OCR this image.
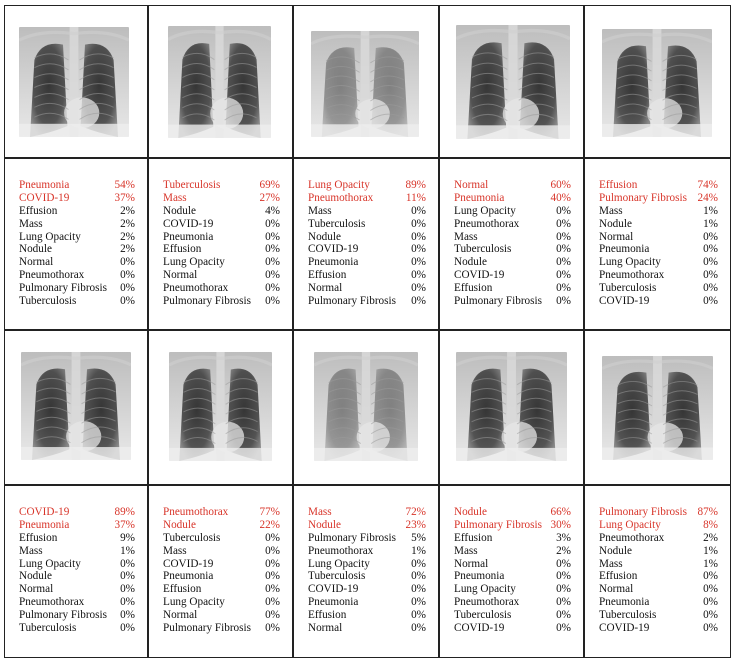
Pneumonia	54%
COVID-19	37%
Effusion	2%
Mass	2%
Lung Opacity	2%
Nodule	2%
Normal	0%
Pneumothorax	0%
Pulmonary Fibrosis 0%
Tuberculosis	0%
Tuberculosis	69%
Mass	27%
Nodule	4%
COVID-19	0%
Pneumonia	0%
Effusion	0%
Lung Opacity	0%
Normal	0%
Pneumothorax	0%
Pulmonary Fibrosis 0%
Lung Opacity	89%
Pneumothorax	11%
Mass	0%
Tuberculosis	0%
Nodule	0%
COVID-19	0%
Pneumonia	0%
Effusion	0%
Normal	0%
Pulmonary Fibrosis 0%
Normal	60%
Pneumonia	40%
Lung Opacity	0%
Pneumothorax	0%
Mass	0%
Tuberculosis	0%
Nodule	0%
COVID-19	0%
Effusion	0%
Pulmonary Fibrosis 0%
Effusion	74%
Pulmonary Fibrosis 24%
Mass	1%
Nodule	1%
Normal	0%
Pneumonia	0%
Lung Opacity	0%
Pneumothorax	0%
Tuberculosis	0%
COVID-19	0%
COVID-19	89%
Pneumonia	37%
Effusion	9%
Mass	1%
Lung Opacity	0%
Nodule	0%
Normal	0%
Pneumothorax	0%
Pulmonary Fibrosis 0%
Tuberculosis	0%
Pneumothorax	77%
Nodule	22%
Tuberculosis	0%
Mass	0%
COVID-19	0%
Pneumonia	0%
Effusion	0%
Lung Opacity	0%
Normal	0%
Pulmonary Fibrosis 0%
Mass	72%
Nodule	23%
Pulmonary Fibrosis 5%
Pneumothorax	1%
Lung Opacity	0%
Tuberculosis	0%
COVID-19	0%
Pneumonia	0%
Effusion	0%
Normal	0%
Nodule	66%
Pulmonary Fibrosis 30%
Effusion	3%
Mass	2%
Normal	0%
Pneumonia	0%
Lung Opacity	0%
Pneumothorax	0%
Tuberculosis	0%
COVID-19	0%
Pulmonary Fibrosis 87%
Lung Opacity	8%
Pneumothorax	2%
Nodule	1%
Mass	1%
Effusion	0%
Normal	0%
Pneumonia	0%
Tuberculosis	0%
COVID-19	0%
